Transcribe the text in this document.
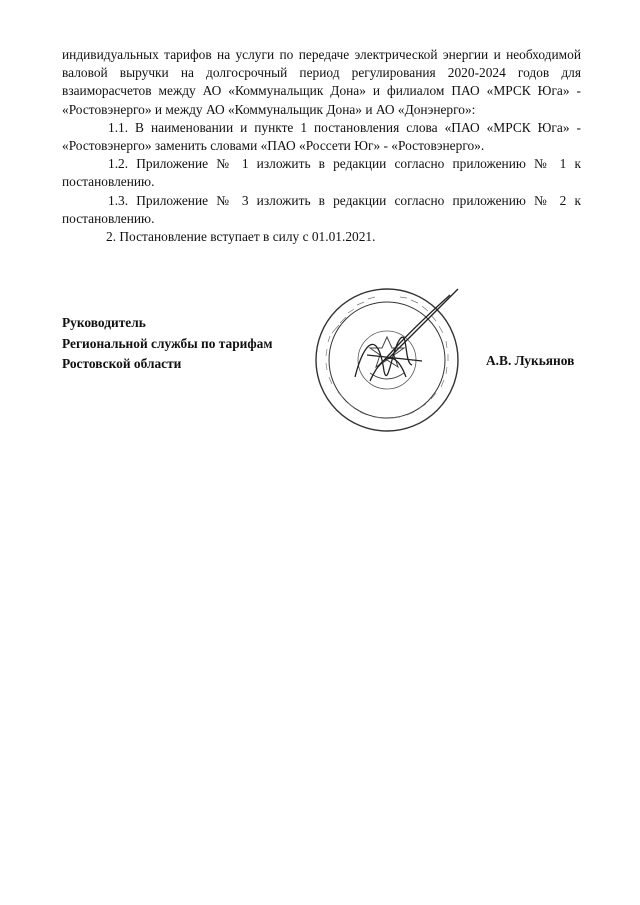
индивидуальных тарифов на услуги по передаче электрической энергии и необходимой валовой выручки на долгосрочный период регулирования 2020-2024 годов для взаиморасчетов между АО «Коммунальщик Дона» и филиалом ПАО «МРСК Юга» - «Ростовэнерго» и между АО «Коммунальщик Дона» и АО «Донэнерго»:

1.1. В наименовании и пункте 1 постановления слова «ПАО «МРСК Юга» - «Ростовэнерго» заменить словами «ПАО «Россети Юг» - «Ростовэнерго».

1.2. Приложение № 1 изложить в редакции согласно приложению № 1 к постановлению.

1.3. Приложение № 3 изложить в редакции согласно приложению № 2 к постановлению.

2. Постановление вступает в силу с 01.01.2021.

Руководитель
Региональной службы по тарифам
Ростовской области	А.В. Лукьянов
